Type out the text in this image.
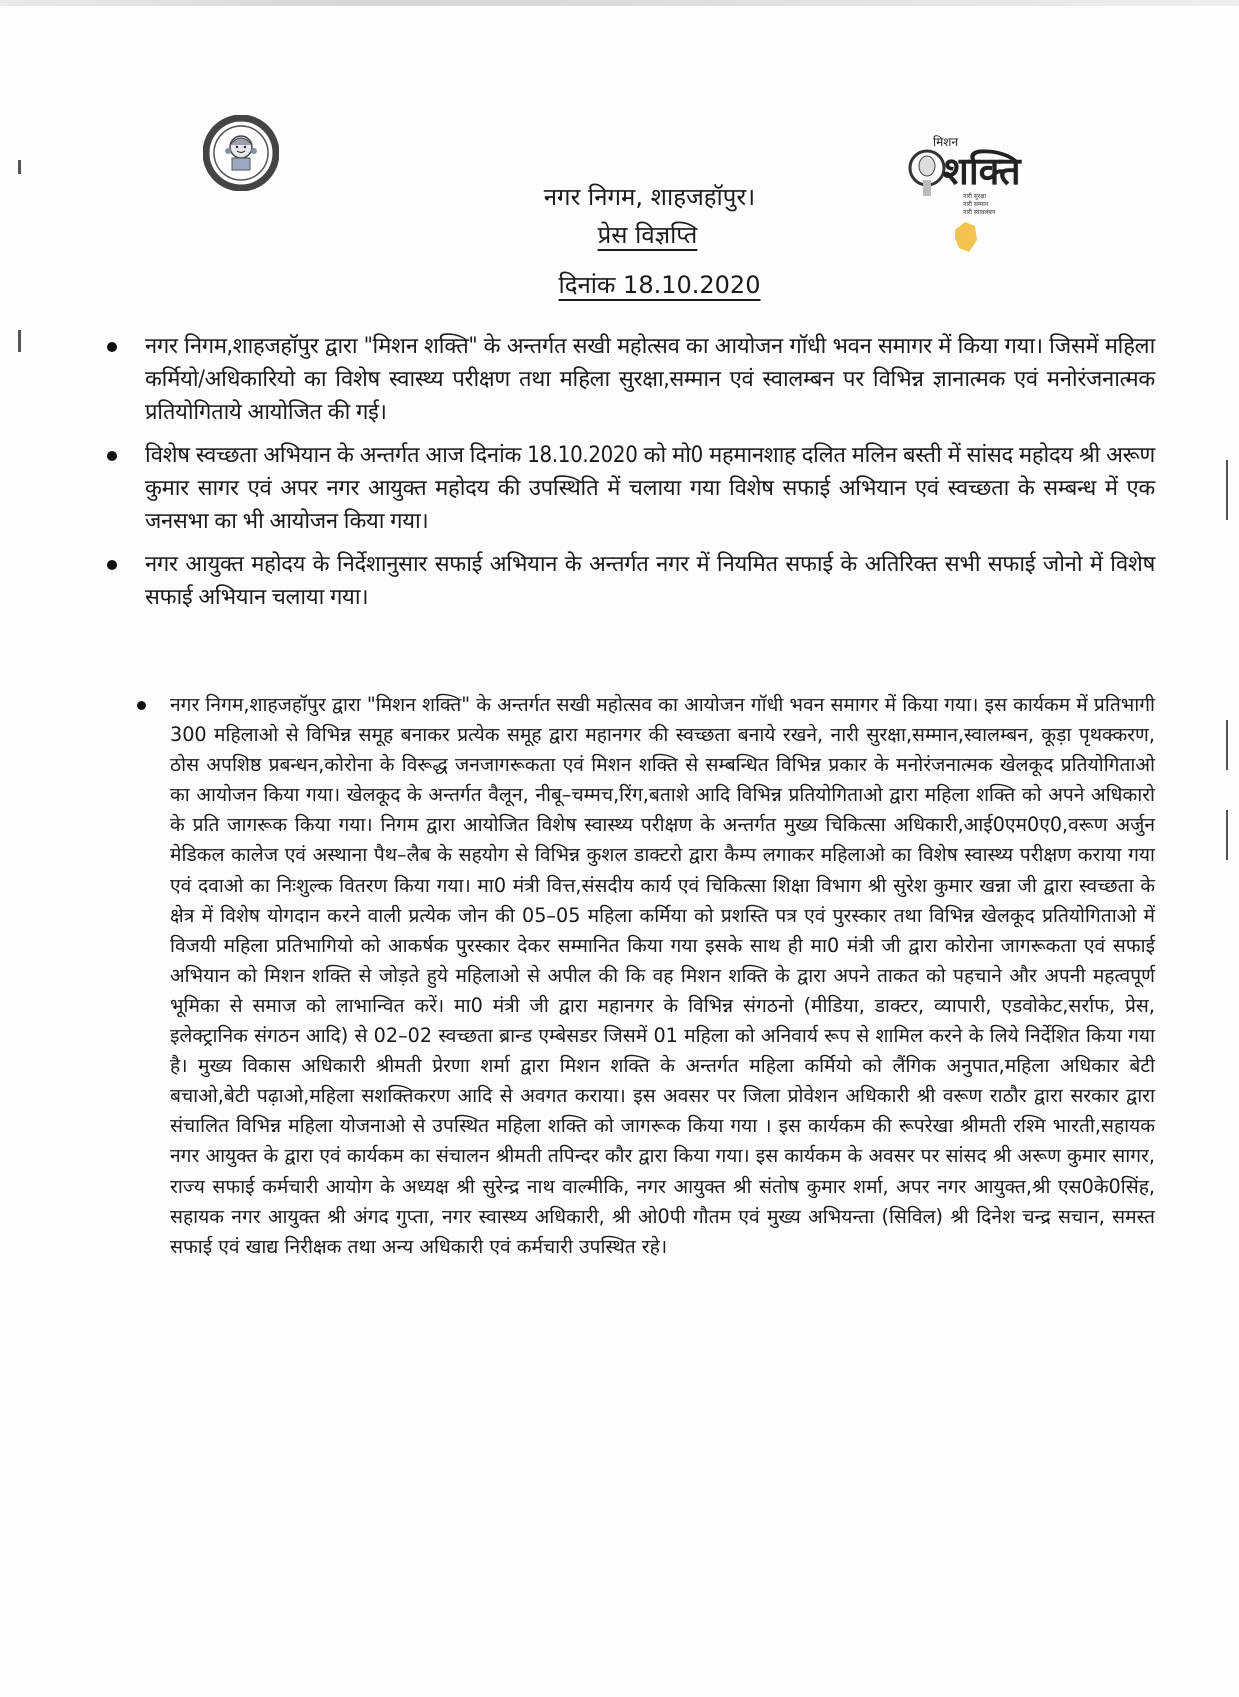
मिशन
शक्ति
नारी सुरक्षा
नारी सम्मान
नारी स्वावलंबन
नगर निगम, शाहजहॉपुर।
प्रेस विज्ञप्ति
दिनांक 18.10.2020
नगर निगम,शाहजहॉपुर द्वारा "मिशन शक्ति" के अन्तर्गत सखी महोत्सव का आयोजन गॉधी भवन समागर में किया गया। जिसमें महिला कर्मियो/अधिकारियो का विशेष स्वास्थ्य परीक्षण तथा महिला सुरक्षा,सम्मान एवं स्वालम्बन पर विभिन्न ज्ञानात्मक एवं मनोरंजनात्मक प्रतियोगिताये आयोजित की गई।
विशेष स्वच्छता अभियान के अन्तर्गत आज दिनांक 18.10.2020 को मो0 महमानशाह दलित मलिन बस्ती में सांसद महोदय श्री अरूण कुमार सागर एवं अपर नगर आयुक्त महोदय की उपस्थिति में चलाया गया विशेष सफाई अभियान एवं स्वच्छता के सम्बन्ध में एक जनसभा का भी आयोजन किया गया।
नगर आयुक्त महोदय के निर्देशानुसार सफाई अभियान के अन्तर्गत नगर में नियमित सफाई के अतिरिक्त सभी सफाई जोनो में विशेष सफाई अभियान चलाया गया।
नगर निगम,शाहजहॉपुर द्वारा "मिशन शक्ति" के अन्तर्गत सखी महोत्सव का आयोजन गॉधी भवन समागर में किया गया। इस कार्यकम में प्रतिभागी 300 महिलाओ से विभिन्न समूह बनाकर प्रत्येक समूह द्वारा महानगर की स्वच्छता बनाये रखने, नारी सुरक्षा,सम्मान,स्वालम्बन, कूड़ा पृथक्करण, ठोस अपशिष्ठ प्रबन्धन,कोरोना के विरूद्ध जनजागरूकता एवं मिशन शक्ति से सम्बन्धित विभिन्न प्रकार के मनोरंजनात्मक खेलकूद प्रतियोगिताओ का आयोजन किया गया। खेलकूद के अन्तर्गत वैलून, नीबू–चम्मच,रिंग,बताशे आदि विभिन्न प्रतियोगिताओ द्वारा महिला शक्ति को अपने अधिकारो के प्रति जागरूक किया गया। निगम द्वारा आयोजित विशेष स्वास्थ्य परीक्षण के अन्तर्गत मुख्य चिकित्सा अधिकारी,आई0एम0ए0,वरूण अर्जुन मेडिकल कालेज एवं अस्थाना पैथ–लैब के सहयोग से विभिन्न कुशल डाक्टरो द्वारा कैम्प लगाकर महिलाओ का विशेष स्वास्थ्य परीक्षण कराया गया एवं दवाओ का निःशुल्क वितरण किया गया। मा0 मंत्री वित्त,संसदीय कार्य एवं चिकित्सा शिक्षा विभाग श्री सुरेश कुमार खन्ना जी द्वारा स्वच्छता के क्षेत्र में विशेष योगदान करने वाली प्रत्येक जोन की 05–05 महिला कर्मिया को प्रशस्ति पत्र एवं पुरस्कार तथा विभिन्न खेलकूद प्रतियोगिताओ में विजयी महिला प्रतिभागियो को आकर्षक पुरस्कार देकर सम्मानित किया गया इसके साथ ही मा0 मंत्री जी द्वारा कोरोना जागरूकता एवं सफाई अभियान को मिशन शक्ति से जोड़ते हुये महिलाओ से अपील की कि वह मिशन शक्ति के द्वारा अपने ताकत को पहचाने और अपनी महत्वपूर्ण भूमिका से समाज को लाभान्वित करें। मा0 मंत्री जी द्वारा महानगर के विभिन्न संगठनो (मीडिया, डाक्टर, व्यापारी, एडवोकेट,सर्राफ, प्रेस, इलेक्ट्रानिक संगठन आदि) से 02–02 स्वच्छता ब्रान्ड एम्बेसडर जिसमें 01 महिला को अनिवार्य रूप से शामिल करने के लिये निर्देशित किया गया है। मुख्य विकास अधिकारी श्रीमती प्रेरणा शर्मा द्वारा मिशन शक्ति के अन्तर्गत महिला कर्मियो को लैंगिक अनुपात,महिला अधिकार बेटी बचाओ,बेटी पढ़ाओ,महिला सशक्तिकरण आदि से अवगत कराया। इस अवसर पर जिला प्रोवेशन अधिकारी श्री वरूण राठौर द्वारा सरकार द्वारा संचालित विभिन्न महिला योजनाओ से उपस्थित महिला शक्ति को जागरूक किया गया । इस कार्यकम की रूपरेखा श्रीमती रश्मि भारती,सहायक नगर आयुक्त के द्वारा एवं कार्यकम का संचालन श्रीमती तपिन्दर कौर द्वारा किया गया। इस कार्यकम के अवसर पर सांसद श्री अरूण कुमार सागर, राज्य सफाई कर्मचारी आयोग के अध्यक्ष श्री सुरेन्द्र नाथ वाल्मीकि, नगर आयुक्त श्री संतोष कुमार शर्मा, अपर नगर आयुक्त,श्री एस0के0सिंह, सहायक नगर आयुक्त श्री अंगद गुप्ता, नगर स्वास्थ्य अधिकारी, श्री ओ0पी गौतम एवं मुख्य अभियन्ता (सिविल) श्री दिनेश चन्द्र सचान, समस्त सफाई एवं खाद्य निरीक्षक तथा अन्य अधिकारी एवं कर्मचारी उपस्थित रहे।
